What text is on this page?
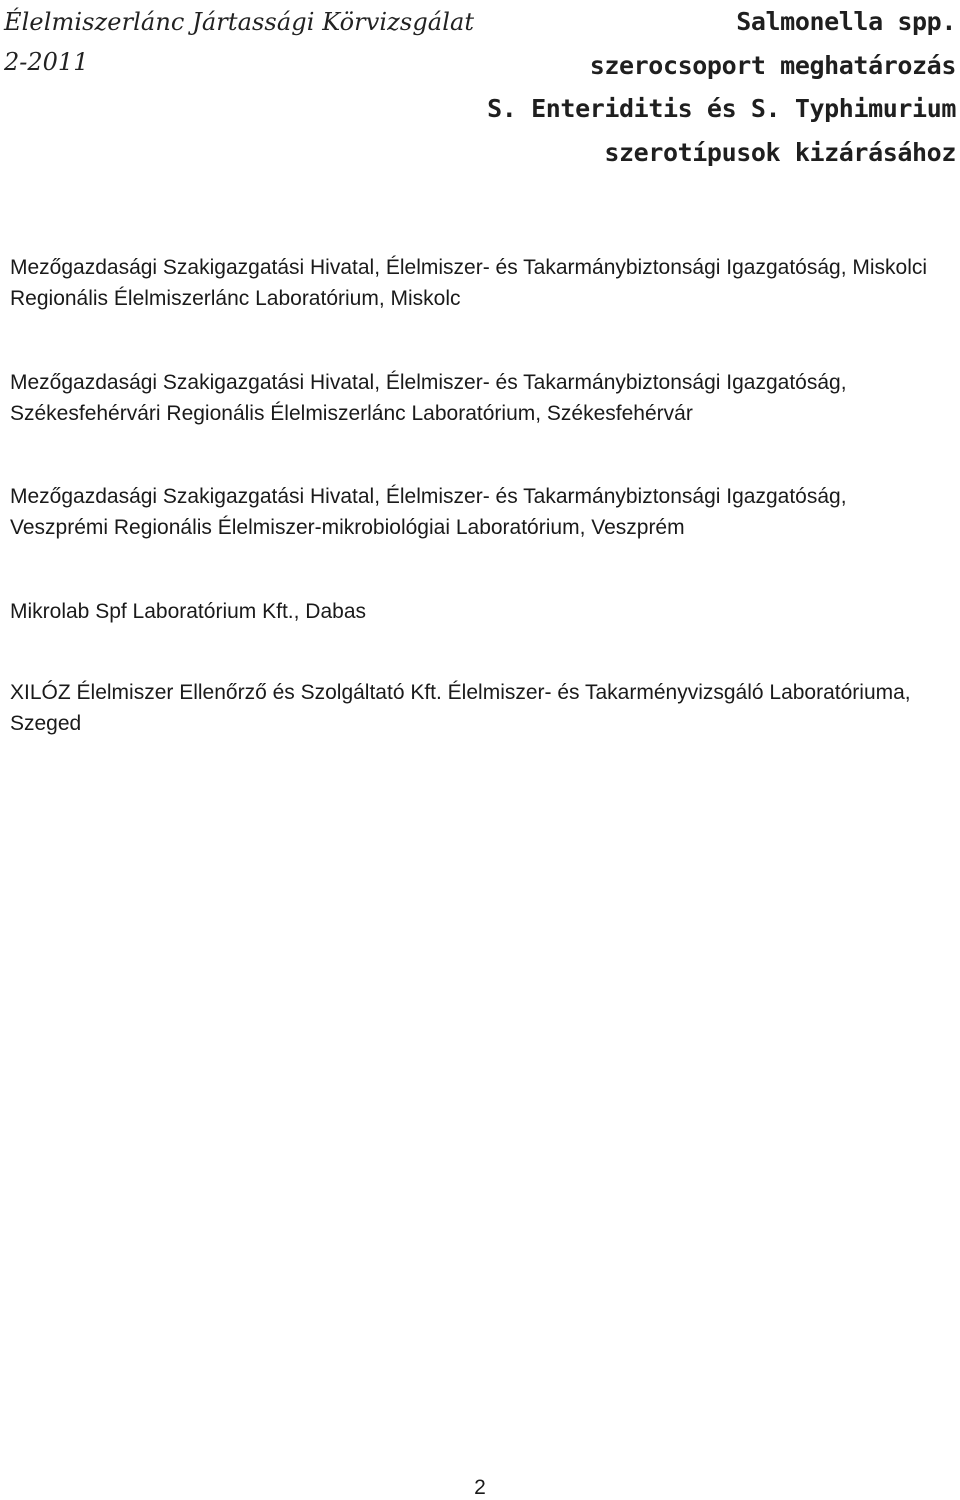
Élelmiszerlánc Jártassági Körvizsgálat
2-2011
Salmonella spp.
szerocsoport meghatározás
S. Enteriditis és S. Typhimurium
szerotípusok kizárásához

Mezőgazdasági Szakigazgatási Hivatal, Élelmiszer- és Takarmánybiztonsági Igazgatóság, Miskolci Regionális Élelmiszerlánc Laboratórium, Miskolc

Mezőgazdasági Szakigazgatási Hivatal, Élelmiszer- és Takarmánybiztonsági Igazgatóság, Székesfehérvári Regionális Élelmiszerlánc Laboratórium, Székesfehérvár

Mezőgazdasági Szakigazgatási Hivatal, Élelmiszer- és Takarmánybiztonsági Igazgatóság, Veszprémi Regionális Élelmiszer-mikrobiológiai Laboratórium, Veszprém

Mikrolab Spf Laboratórium Kft., Dabas

XILÓZ Élelmiszer Ellenőrző és Szolgáltató Kft. Élelmiszer- és Takarményvizsgáló Laboratóriuma, Szeged

2
